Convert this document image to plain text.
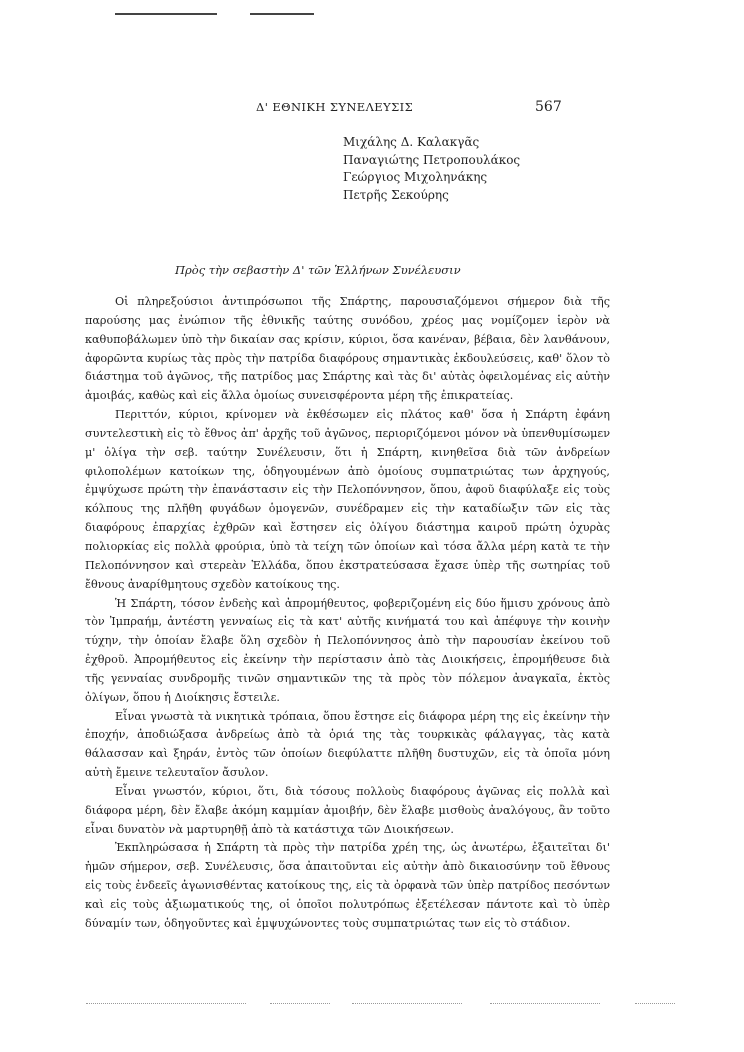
Δ' ΕΘΝΙΚΗ ΣΥΝΕΛΕΥΣΙΣ	567
Μιχάλης Δ. Καλακγᾶς
Παναγιώτης Πετροπουλάκος
Γεώργιος Μιχοληνάκης
Πετρῆς Σεκούρης
Πρὸς τὴν σεβαστὴν Δ' τῶν Ἑλλήνων Συνέλευσιν

Οἱ πληρεξούσιοι ἀντιπρόσωποι τῆς Σπάρτης, παρουσιαζόμενοι σήμερον διὰ τῆς παρούσης μας ἐνώπιον τῆς ἐθνικῆς ταύτης συνόδου, χρέος μας νομίζομεν ἱερὸν νὰ καθυποβάλωμεν ὑπὸ τὴν δικαίαν σας κρίσιν, κύριοι, ὅσα κανέναν, βέβαια, δὲν λανθάνουν, ἀφορῶντα κυρίως τὰς πρὸς τὴν πατρίδα διαφόρους σημαντικὰς ἐκδουλεύσεις, καθ' ὅλον τὸ διάστημα τοῦ ἀγῶνος, τῆς πατρίδος μας Σπάρτης καὶ τὰς δι' αὐτὰς ὀφειλομένας εἰς αὐτὴν ἀμοιβάς, καθὼς καὶ εἰς ἄλλα ὁμοίως συνεισφέροντα μέρη τῆς ἐπικρατείας.

Περιττόν, κύριοι, κρίνομεν νὰ ἐκθέσωμεν εἰς πλάτος καθ' ὅσα ἡ Σπάρτη ἐφάνη συντελεστικὴ εἰς τὸ ἔθνος ἀπ' ἀρχῆς τοῦ ἀγῶνος, περιοριζόμενοι μόνον νὰ ὑπενθυμίσωμεν μ' ὀλίγα τὴν σεβ. ταύτην Συνέλευσιν, ὅτι ἡ Σπάρτη, κινηθεῖσα διὰ τῶν ἀνδρείων φιλοπολέμων κατοίκων της, ὁδηγουμένων ἀπὸ ὁμοίους συμπατριώτας των ἀρχηγούς, ἐμψύχωσε πρώτη τὴν ἐπανάστασιν εἰς τὴν Πελοπόννησον, ὅπου, ἀφοῦ διαφύλαξε εἰς τοὺς κόλπους της πλῆθη φυγάδων ὁμογενῶν, συνέδραμεν εἰς τὴν καταδίωξιν τῶν εἰς τὰς διαφόρους ἐπαρχίας ἐχθρῶν καὶ ἔστησεν εἰς ὀλίγου διάστημα καιροῦ πρώτη ὀχυρὰς πολιορκίας εἰς πολλὰ φρούρια, ὑπὸ τὰ τείχη τῶν ὁποίων καὶ τόσα ἄλλα μέρη κατὰ τε τὴν Πελοπόννησον καὶ στερεὰν Ἑλλάδα, ὅπου ἐκστρατεύσασα ἔχασε ὑπὲρ τῆς σωτηρίας τοῦ ἔθνους ἀναρίθμητους σχεδὸν κατοίκους της.

Ἡ Σπάρτη, τόσον ἐνδεὴς καὶ ἀπρομήθευτος, φοβεριζομένη εἰς δύο ἥμισυ χρόνους ἀπὸ τὸν Ἰμπραήμ, ἀντέστη γενναίως εἰς τὰ κατ' αὐτῆς κινήματά του καὶ ἀπέφυγε τὴν κοινὴν τύχην, τὴν ὁποίαν ἔλαβε ὅλη σχεδὸν ἡ Πελοπόννησος ἀπὸ τὴν παρουσίαν ἐκείνου τοῦ ἐχθροῦ. Ἀπρομήθευτος εἰς ἐκείνην τὴν περίστασιν ἀπὸ τὰς Διοικήσεις, ἐπρομήθευσε διὰ τῆς γενναίας συνδρομῆς τινῶν σημαντικῶν της τὰ πρὸς τὸν πόλεμον ἀναγκαῖα, ἐκτὸς ὀλίγων, ὅπου ἡ Διοίκησις ἔστειλε.

Εἶναι γνωστὰ τὰ νικητικὰ τρόπαια, ὅπου ἔστησε εἰς διάφορα μέρη της εἰς ἐκείνην τὴν ἐποχήν, ἀποδιώξασα ἀνδρείως ἀπὸ τὰ ὁριά της τὰς τουρκικὰς φάλαγγας, τὰς κατὰ θάλασσαν καὶ ξηράν, ἐντὸς τῶν ὁποίων διεφύλαττε πλῆθη δυστυχῶν, εἰς τὰ ὁποῖα μόνη αὐτὴ ἔμεινε τελευταῖον ἄσυλον.

Εἶναι γνωστόν, κύριοι, ὅτι, διὰ τόσους πολλοὺς διαφόρους ἀγῶνας εἰς πολλὰ καὶ διάφορα μέρη, δὲν ἔλαβε ἀκόμη καμμίαν ἀμοιβήν, δὲν ἔλαβε μισθοὺς ἀναλόγους, ἂν τοῦτο εἶναι δυνατὸν νὰ μαρτυρηθῇ ἀπὸ τὰ κατάστιχα τῶν Διοικήσεων.

Ἐκπληρώσασα ἡ Σπάρτη τὰ πρὸς τὴν πατρίδα χρέη της, ὡς ἀνωτέρω, ἐξαιτεῖται δι' ἡμῶν σήμερον, σεβ. Συνέλευσις, ὅσα ἀπαιτοῦνται εἰς αὐτὴν ἀπὸ δικαιοσύνην τοῦ ἔθνους εἰς τοὺς ἐνδεεῖς ἀγωνισθέντας κατοίκους της, εἰς τὰ ὀρφανὰ τῶν ὑπὲρ πατρίδος πεσόντων καὶ εἰς τοὺς ἀξιωματικούς της, οἱ ὁποῖοι πολυτρόπως ἐξετέλεσαν πάντοτε καὶ τὸ ὑπὲρ δύναμίν των, ὁδηγοῦντες καὶ ἐμψυχώνοντες τοὺς συμπατριώτας των εἰς τὸ στάδιον.
